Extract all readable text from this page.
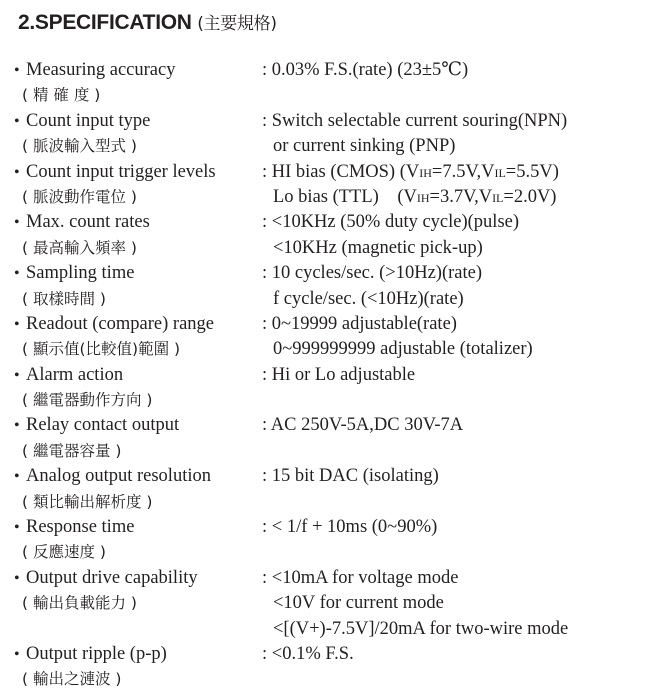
2.SPECIFICATION (主要規格)
• Measuring accuracy	: 0.03% F.S.(rate) (23±5℃)
( 精 確 度 )
• Count input type	: Switch selectable current souring(NPN)
( 脈波輸入型式 )	or current sinking (PNP)
• Count input trigger levels	: HI bias (CMOS) (VIH=7.5V,VIL=5.5V)
( 脈波動作電位 )	Lo bias (TTL)    (VIH=3.7V,VIL=2.0V)
• Max. count rates	: <10KHz (50% duty cycle)(pulse)
( 最高輸入頻率 )	<10KHz (magnetic pick-up)
• Sampling time	: 10 cycles/sec. (>10Hz)(rate)
( 取樣時間 )	f cycle/sec. (<10Hz)(rate)
• Readout (compare) range	: 0~19999 adjustable(rate)
( 顯示值(比較值)範圍 )	0~999999999 adjustable (totalizer)
• Alarm action	: Hi or Lo adjustable
( 繼電器動作方向 )
• Relay contact output	: AC 250V-5A,DC 30V-7A
( 繼電器容量 )
• Analog output resolution	: 15 bit DAC (isolating)
( 類比輸出解析度 )
• Response time	: < 1/f + 10ms (0~90%)
( 反應速度 )
• Output drive capability	: <10mA for voltage mode
( 輸出負載能力 )	<10V for current mode
<[(V+)-7.5V]/20mA for two-wire mode
• Output ripple (p-p)	: <0.1% F.S.
( 輸出之漣波 )
